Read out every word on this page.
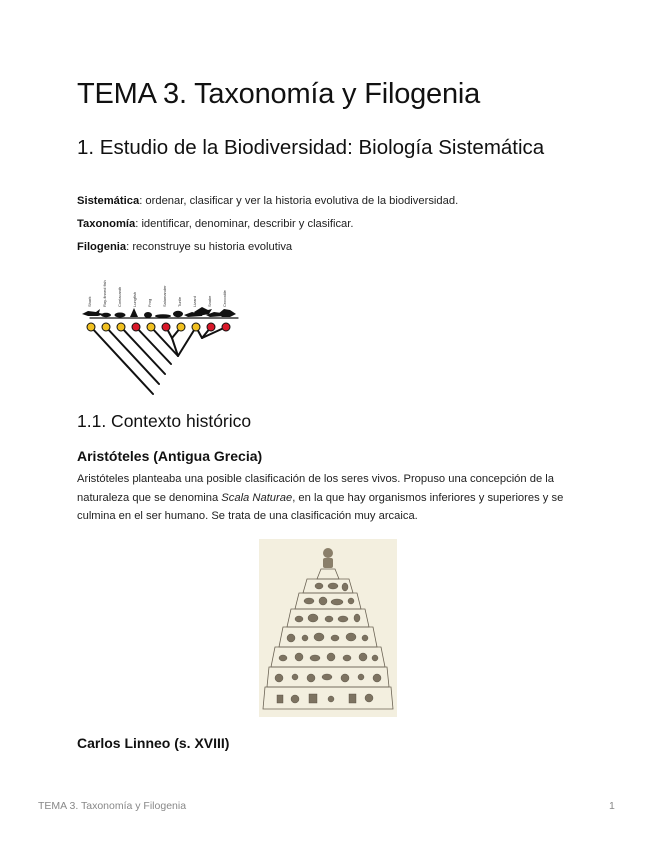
TEMA 3. Taxonomía y Filogenia
1. Estudio de la Biodiversidad: Biología Sistemática
Sistemática: ordenar, clasificar y ver la historia evolutiva de la biodiversidad.
Taxonomía: identificar, denominar, describir y clasificar.
Filogenia: reconstruye su historia evolutiva
Shark	Ray-finned fish	Coelacanth	Lungfish	Frog	Salamander	Turtle	Lizard	Snake	Crocodile
1.1. Contexto histórico
Aristóteles (Antigua Grecia)
Aristóteles planteaba una posible clasificación de los seres vivos. Propuso una concepción de la naturaleza que se denomina Scala Naturae, en la que hay organismos inferiores y superiores y se culmina en el ser humano. Se trata de una clasificación muy arcaica.
Carlos Linneo (s. XVIII)
TEMA 3. Taxonomía y Filogenia	1
